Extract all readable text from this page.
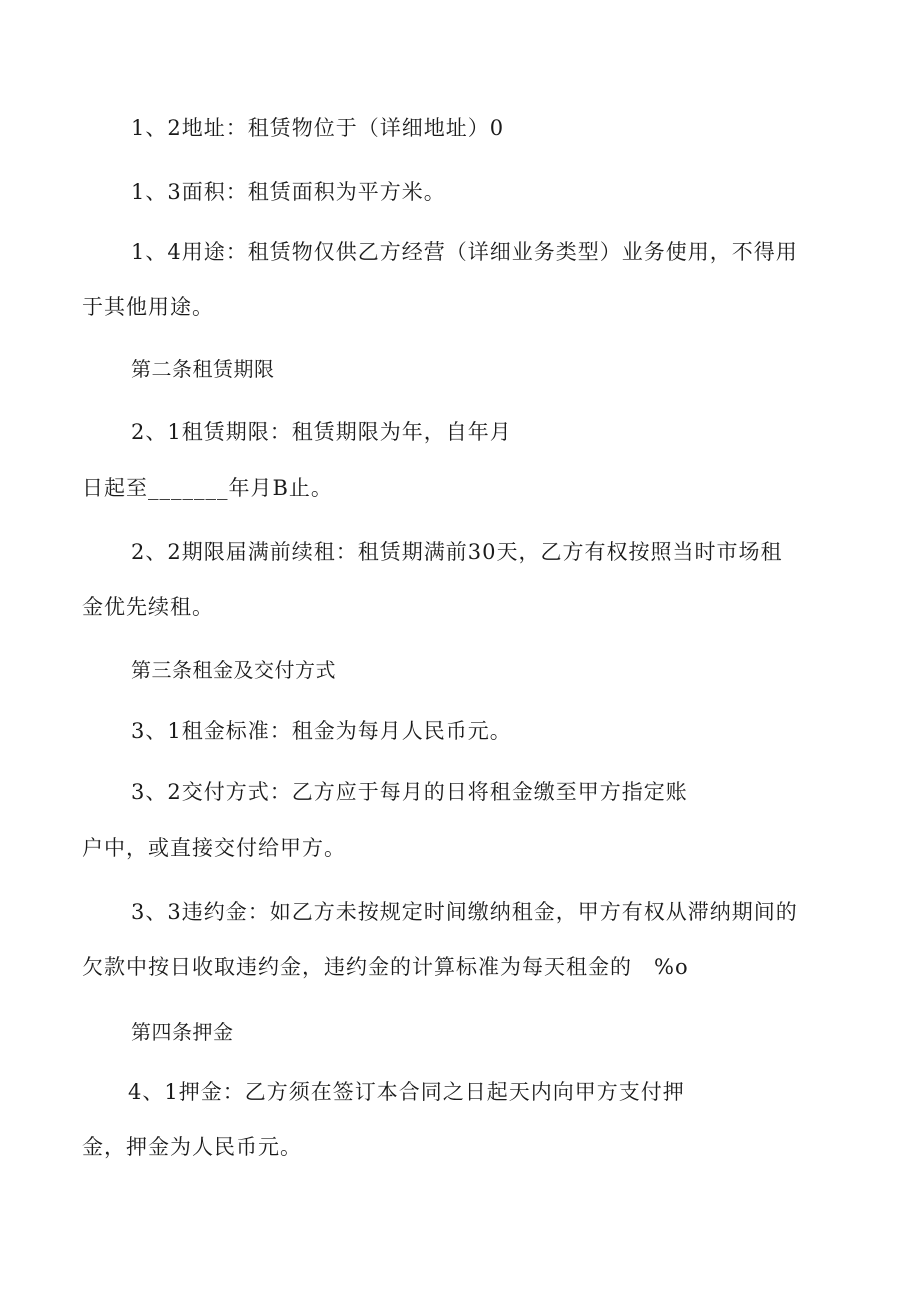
1、2地址：租赁物位于（详细地址）0
1、3面积：租赁面积为平方米。
1、4用途：租赁物仅供乙方经营（详细业务类型）业务使用，不得用
于其他用途。
第二条租赁期限
2、1租赁期限：租赁期限为年，自年月
日起至_______年月B止。
2、2期限届满前续租：租赁期满前30天，乙方有权按照当时市场租
金优先续租。
第三条租金及交付方式
3、1租金标准：租金为每月人民币元。
3、2交付方式：乙方应于每月的日将租金缴至甲方指定账
户中，或直接交付给甲方。
3、3违约金：如乙方未按规定时间缴纳租金，甲方有权从滞纳期间的
欠款中按日收取违约金，违约金的计算标准为每天租金的　%o
第四条押金
4、1押金：乙方须在签订本合同之日起天内向甲方支付押
金，押金为人民币元。
